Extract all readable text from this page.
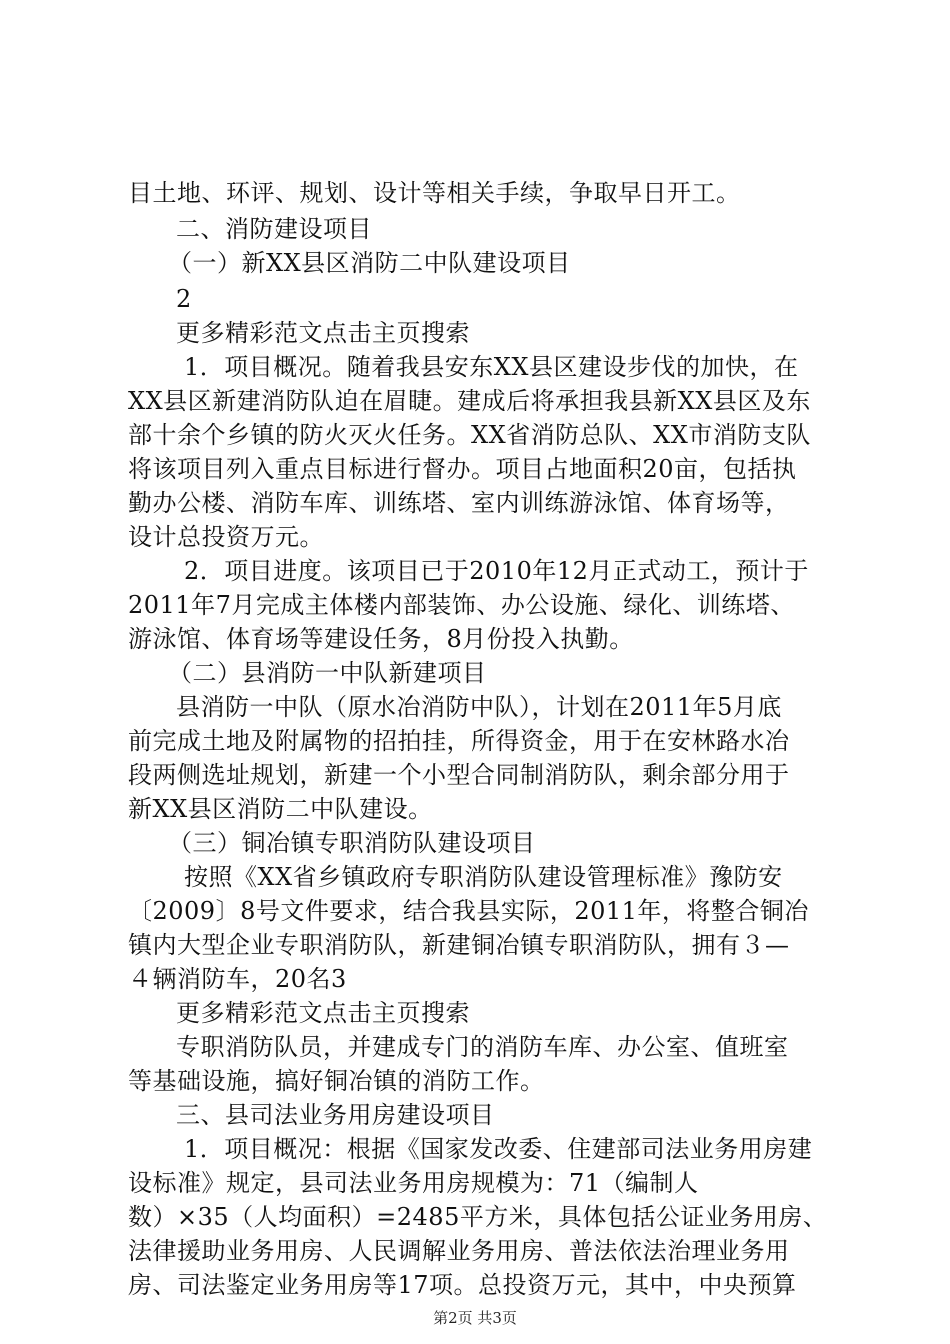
目土地、环评、规划、设计等相关手续，争取早日开工。
二、消防建设项目
（一）新XX县区消防二中队建设项目
2
更多精彩范文点击主页搜索
1．项目概况。随着我县安东XX县区建设步伐的加快，在
XX县区新建消防队迫在眉睫。建成后将承担我县新XX县区及东
部十余个乡镇的防火灭火任务。XX省消防总队、XX市消防支队
将该项目列入重点目标进行督办。项目占地面积20亩，包括执
勤办公楼、消防车库、训练塔、室内训练游泳馆、体育场等，
设计总投资万元。
2．项目进度。该项目已于2010年12月正式动工，预计于
2011年7月完成主体楼内部装饰、办公设施、绿化、训练塔、
游泳馆、体育场等建设任务，8月份投入执勤。
（二）县消防一中队新建项目
县消防一中队（原水冶消防中队），计划在2011年5月底
前完成土地及附属物的招拍挂，所得资金，用于在安林路水冶
段两侧选址规划，新建一个小型合同制消防队，剩余部分用于
新XX县区消防二中队建设。
（三）铜冶镇专职消防队建设项目
按照《XX省乡镇政府专职消防队建设管理标准》豫防安
〔2009〕8号文件要求，结合我县实际，2011年，将整合铜冶
镇内大型企业专职消防队，新建铜冶镇专职消防队，拥有３—
４辆消防车，20名3
更多精彩范文点击主页搜索
专职消防队员，并建成专门的消防车库、办公室、值班室
等基础设施，搞好铜冶镇的消防工作。
三、县司法业务用房建设项目
1．项目概况：根据《国家发改委、住建部司法业务用房建
设标准》规定，县司法业务用房规模为：71（编制人
数）×35（人均面积）=2485平方米，具体包括公证业务用房、
法律援助业务用房、人民调解业务用房、普法依法治理业务用
房、司法鉴定业务用房等17项。总投资万元，其中，中央预算
第2页 共3页
